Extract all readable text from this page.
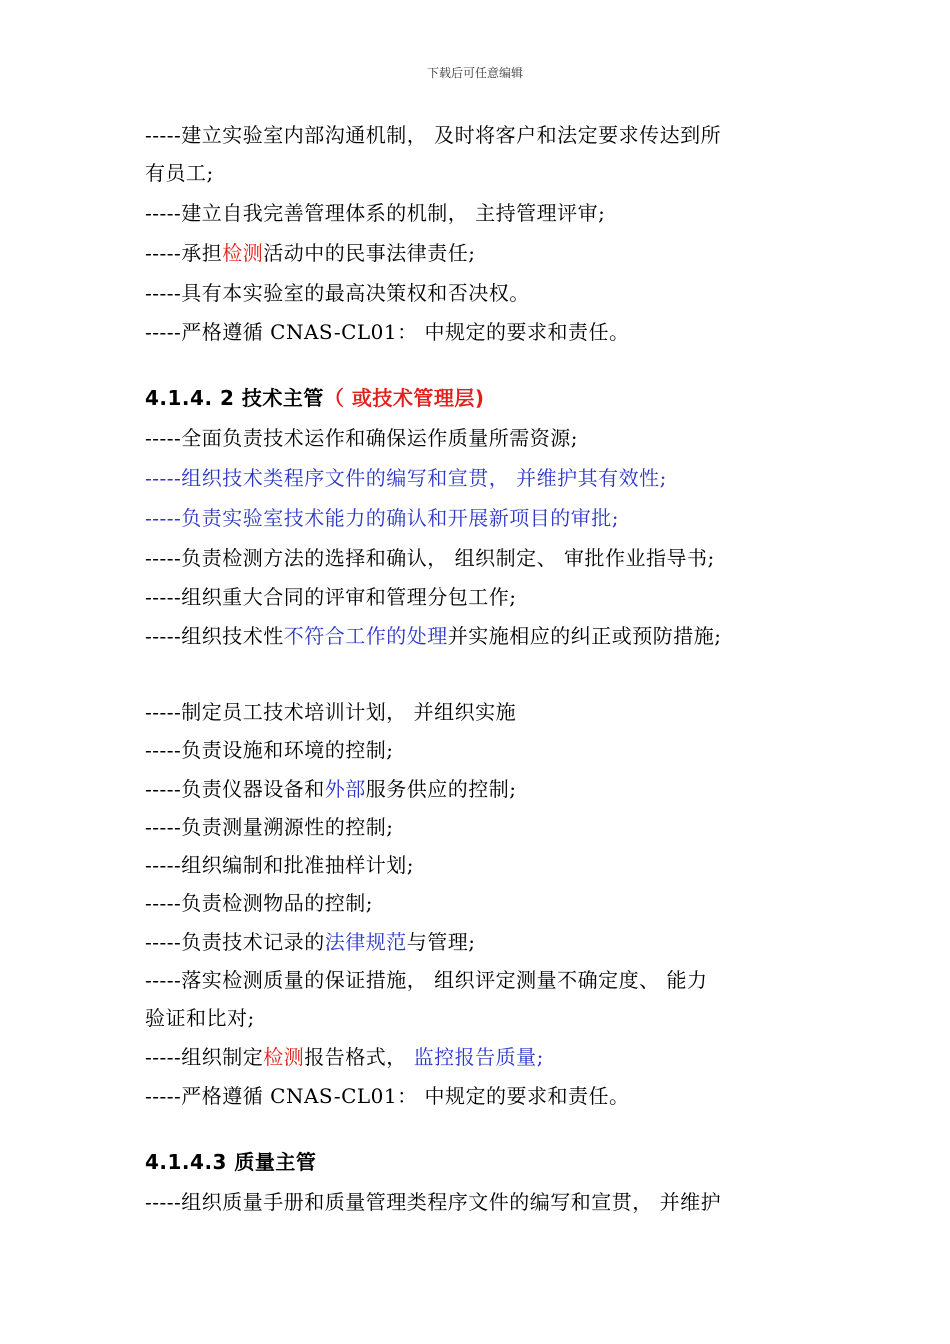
下载后可任意编辑
-----建立实验室内部沟通机制， 及时将客户和法定要求传达到所
有员工;
-----建立自我完善管理体系的机制， 主持管理评审;
-----承担检测活动中的民事法律责任;
-----具有本实验室的最高决策权和否决权。
-----严格遵循 CNAS-CL01： 中规定的要求和责任。
4.1.4. 2 技术主管（ 或技术管理层)
-----全面负责技术运作和确保运作质量所需资源;
-----组织技术类程序文件的编写和宣贯， 并维护其有效性;
-----负责实验室技术能力的确认和开展新项目的审批;
-----负责检测方法的选择和确认， 组织制定、 审批作业指导书;
-----组织重大合同的评审和管理分包工作;
-----组织技术性不符合工作的处理并实施相应的纠正或预防措施;
-----制定员工技术培训计划， 并组织实施
-----负责设施和环境的控制;
-----负责仪器设备和外部服务供应的控制;
-----负责测量溯源性的控制;
-----组织编制和批准抽样计划;
-----负责检测物品的控制;
-----负责技术记录的法律规范与管理;
-----落实检测质量的保证措施， 组织评定测量不确定度、 能力
验证和比对;
-----组织制定检测报告格式， 监控报告质量;
-----严格遵循 CNAS-CL01： 中规定的要求和责任。
4.1.4.3 质量主管
-----组织质量手册和质量管理类程序文件的编写和宣贯， 并维护
